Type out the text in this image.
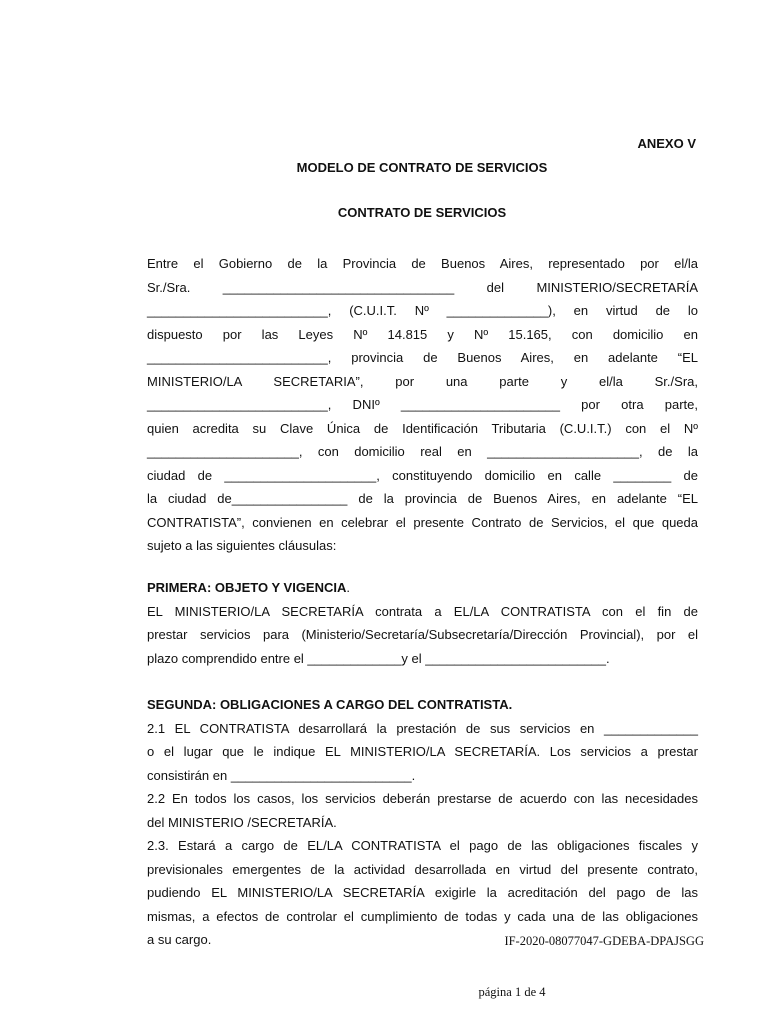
ANEXO V
MODELO DE CONTRATO DE SERVICIOS
CONTRATO DE SERVICIOS
Entre el Gobierno de la Provincia de Buenos Aires, representado por el/la
Sr./Sra. ________________________________ del MINISTERIO/SECRETARÍA
_________________________, (C.U.I.T. Nº ______________), en virtud de lo
dispuesto por las Leyes Nº 14.815 y Nº 15.165, con domicilio en
_________________________, provincia de Buenos Aires, en adelante “EL
MINISTERIO/LA SECRETARIA”, por una parte y el/la Sr./Sra,
_________________________, DNIº ______________________ por otra parte,
quien acredita su Clave Única de Identificación Tributaria (C.U.I.T.) con el Nº
_____________________, con domicilio real en _____________________, de la
ciudad de _____________________, constituyendo domicilio en calle ________ de
la ciudad de________________ de la provincia de Buenos Aires, en adelante “EL
CONTRATISTA”, convienen en celebrar el presente Contrato de Servicios, el que queda
sujeto a las siguientes cláusulas:
PRIMERA: OBJETO Y VIGENCIA.
EL MINISTERIO/LA SECRETARÍA contrata a EL/LA CONTRATISTA con el fin de
prestar servicios para (Ministerio/Secretaría/Subsecretaría/Dirección Provincial), por el
plazo comprendido entre el _____________y el _________________________.
SEGUNDA: OBLIGACIONES A CARGO DEL CONTRATISTA.
2.1 EL CONTRATISTA desarrollará la prestación de sus servicios en _____________
o el lugar que le indique EL MINISTERIO/LA SECRETARÍA. Los servicios a prestar
consistirán en _________________________.
2.2 En todos los casos, los servicios deberán prestarse de acuerdo con las necesidades
del MINISTERIO /SECRETARÍA.
2.3. Estará a cargo de EL/LA CONTRATISTA el pago de las obligaciones fiscales y
previsionales emergentes de la actividad desarrollada en virtud del presente contrato,
pudiendo EL MINISTERIO/LA SECRETARÍA exigirle la acreditación del pago de las
mismas, a efectos de controlar el cumplimiento de todas y cada una de las obligaciones
a su cargo.	IF-2020-08077047-GDEBA-DPAJSGG
página 1 de 4
